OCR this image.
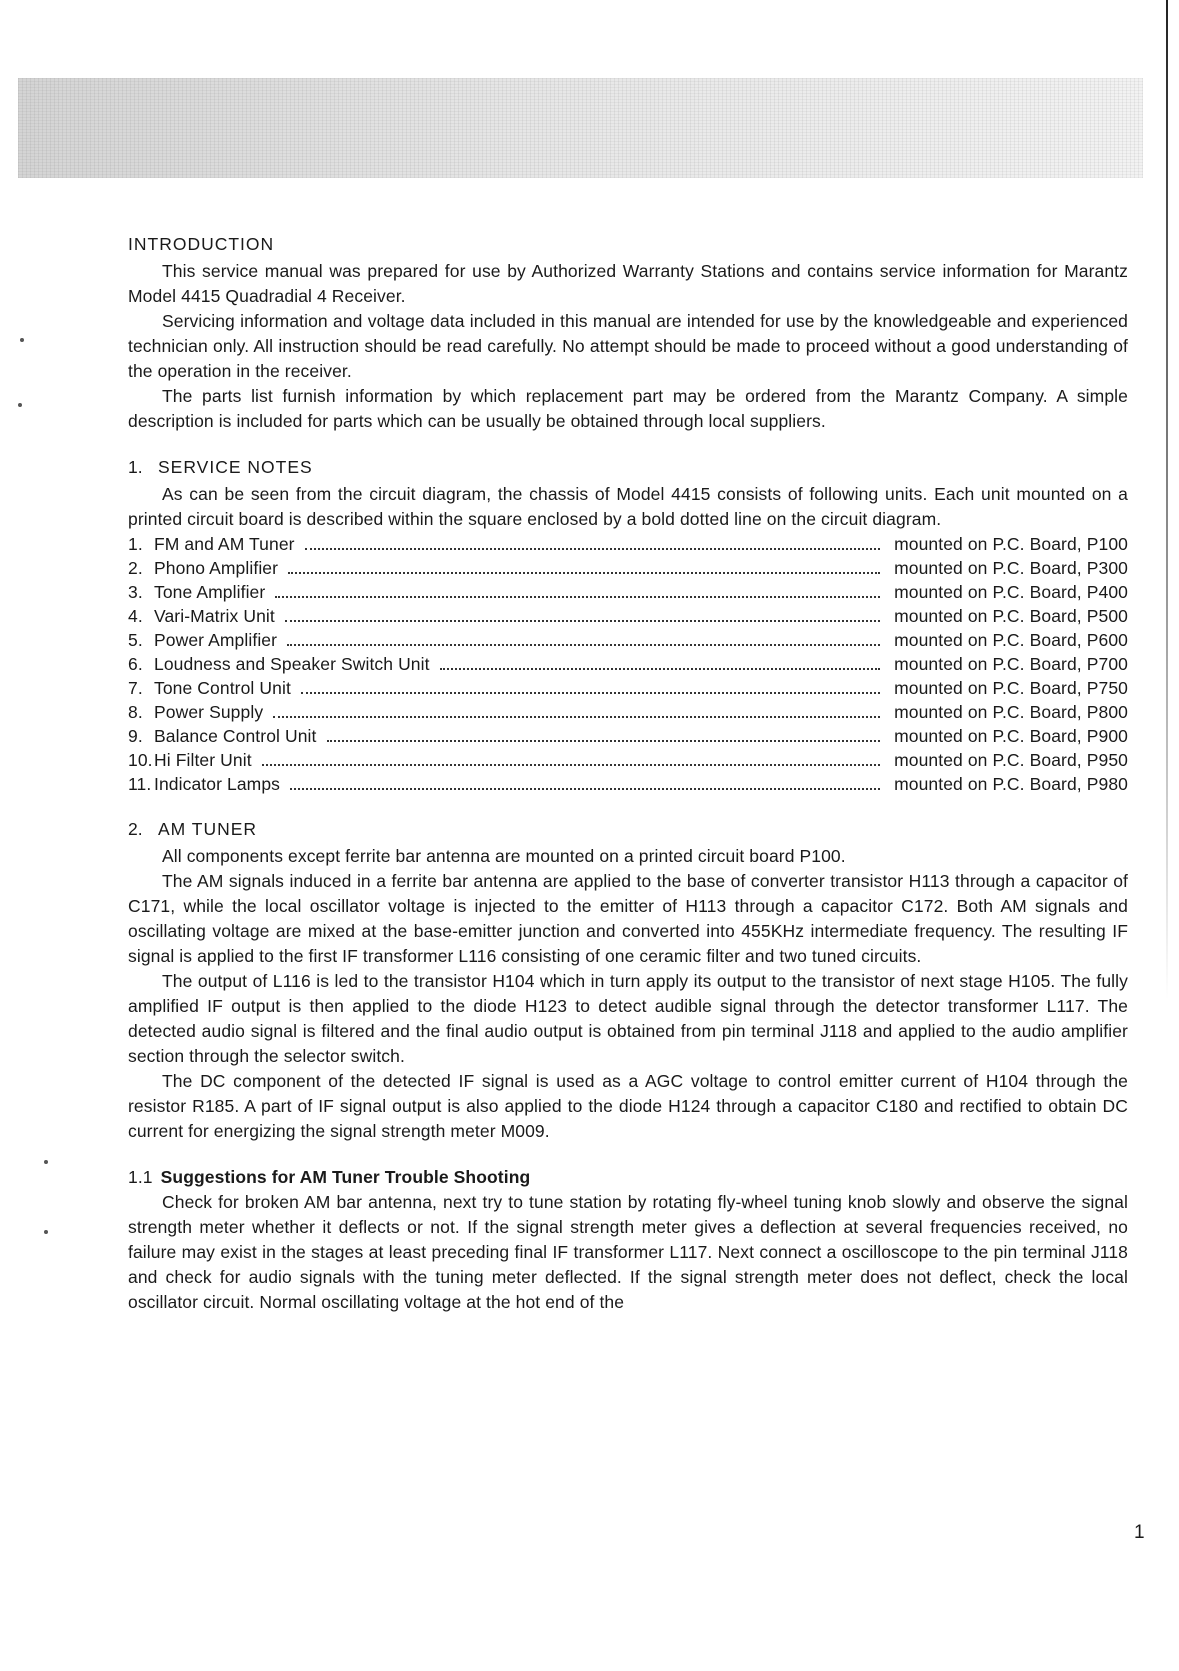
INTRODUCTION

This service manual was prepared for use by Authorized Warranty Stations and contains service information for Marantz Model 4415 Quadradial 4 Receiver.

Servicing information and voltage data included in this manual are intended for use by the knowledgeable and experienced technician only. All instruction should be read carefully. No attempt should be made to proceed without a good understanding of the operation in the receiver.

The parts list furnish information by which replacement part may be ordered from the Marantz Company. A simple description is included for parts which can be usually be obtained through local suppliers.

1. SERVICE NOTES

As can be seen from the circuit diagram, the chassis of Model 4415 consists of following units. Each unit mounted on a printed circuit board is described within the square enclosed by a bold dotted line on the circuit diagram.

1. FM and AM Tuner	mounted on P.C. Board, P100
2. Phono Amplifier	mounted on P.C. Board, P300
3. Tone Amplifier	mounted on P.C. Board, P400
4. Vari-Matrix Unit	mounted on P.C. Board, P500
5. Power Amplifier	mounted on P.C. Board, P600
6. Loudness and Speaker Switch Unit	mounted on P.C. Board, P700
7. Tone Control Unit	mounted on P.C. Board, P750
8. Power Supply	mounted on P.C. Board, P800
9. Balance Control Unit	mounted on P.C. Board, P900
10. Hi Filter Unit	mounted on P.C. Board, P950
11. Indicator Lamps	mounted on P.C. Board, P980
2. AM TUNER

All components except ferrite bar antenna are mounted on a printed circuit board P100.

The AM signals induced in a ferrite bar antenna are applied to the base of converter transistor H113 through a capacitor of C171, while the local oscillator voltage is injected to the emitter of H113 through a capacitor C172. Both AM signals and oscillating voltage are mixed at the base-emitter junction and converted into 455KHz intermediate frequency. The resulting IF signal is applied to the first IF transformer L116 consisting of one ceramic filter and two tuned circuits.

The output of L116 is led to the transistor H104 which in turn apply its output to the transistor of next stage H105. The fully amplified IF output is then applied to the diode H123 to detect audible signal through the detector transformer L117. The detected audio signal is filtered and the final audio output is obtained from pin terminal J118 and applied to the audio amplifier section through the selector switch.

The DC component of the detected IF signal is used as a AGC voltage to control emitter current of H104 through the resistor R185. A part of IF signal output is also applied to the diode H124 through a capacitor C180 and rectified to obtain DC current for energizing the signal strength meter M009.

1.1 Suggestions for AM Tuner Trouble Shooting

Check for broken AM bar antenna, next try to tune station by rotating fly-wheel tuning knob slowly and observe the signal strength meter whether it deflects or not. If the signal strength meter gives a deflection at several frequencies received, no failure may exist in the stages at least preceding final IF transformer L117. Next connect a oscilloscope to the pin terminal J118 and check for audio signals with the tuning meter deflected. If the signal strength meter does not deflect, check the local oscillator circuit. Normal oscillating voltage at the hot end of the

1
